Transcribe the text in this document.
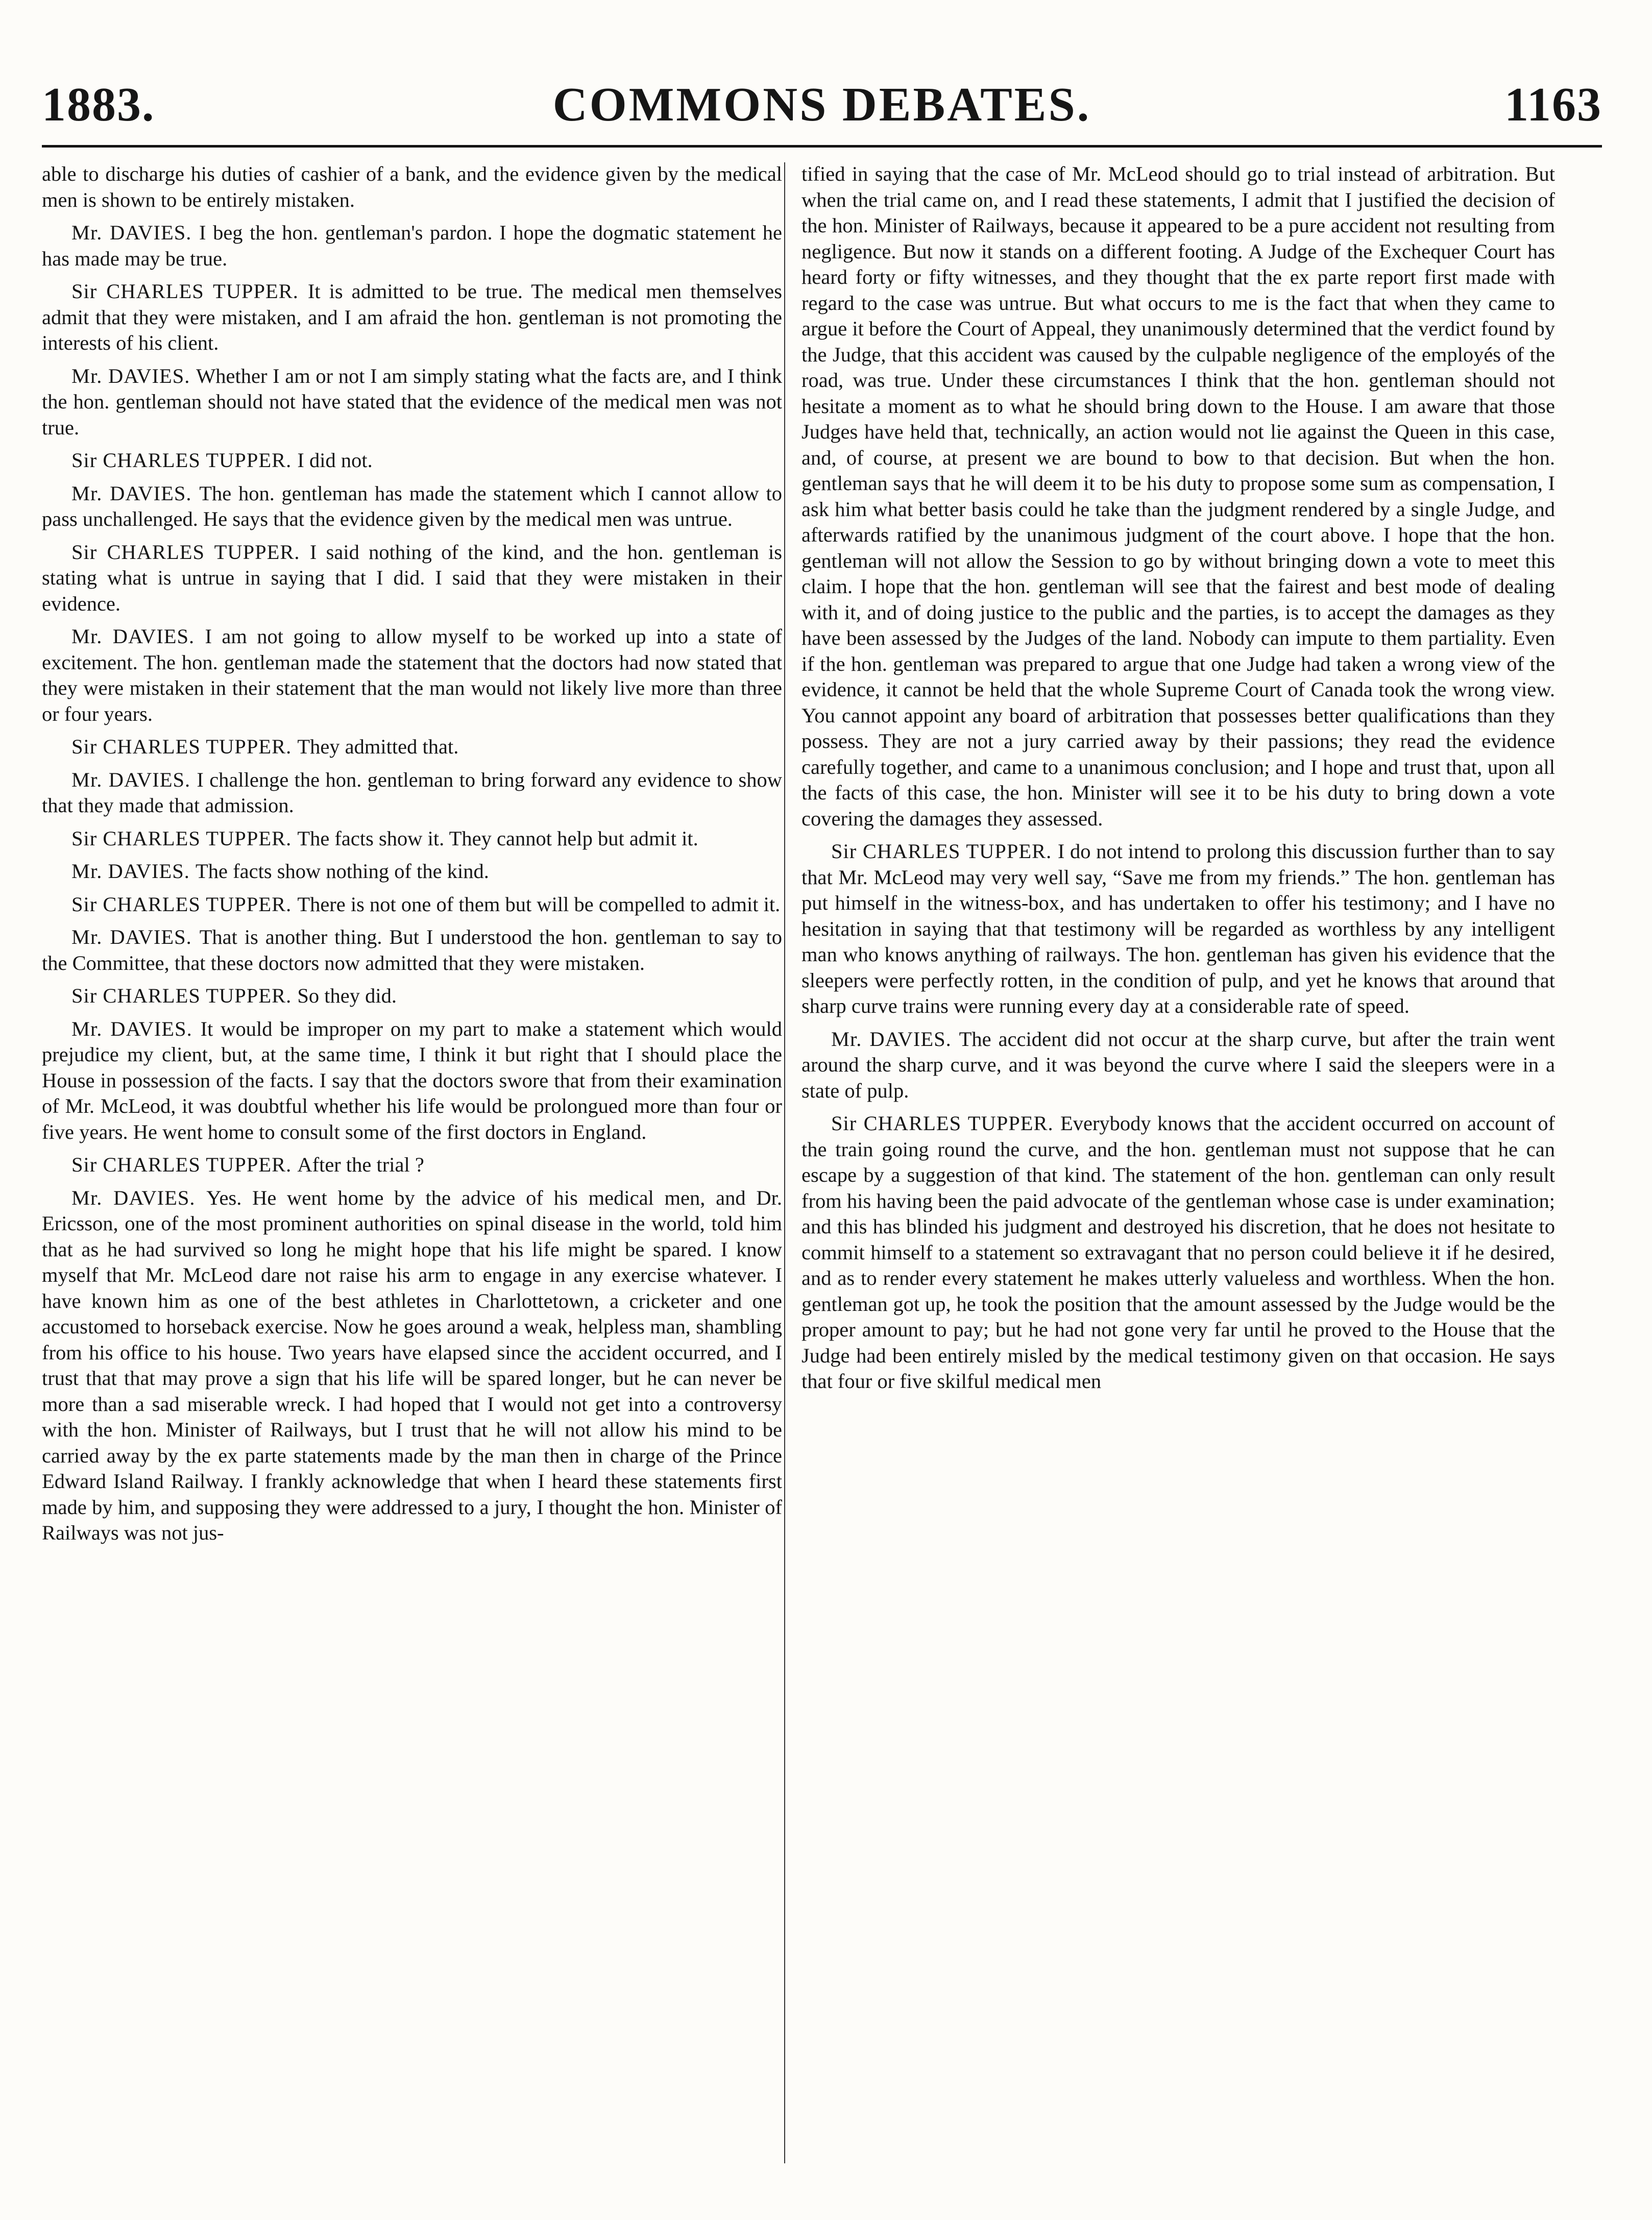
1883.	COMMONS DEBATES.	1163

able to discharge his duties of cashier of a bank, and the evidence given by the medical men is shown to be entirely mistaken.

Mr. DAVIES. I beg the hon. gentleman's pardon. I hope the dogmatic statement he has made may be true.

Sir CHARLES TUPPER. It is admitted to be true. The medical men themselves admit that they were mistaken, and I am afraid the hon. gentleman is not promoting the interests of his client.

Mr. DAVIES. Whether I am or not I am simply stating what the facts are, and I think the hon. gentleman should not have stated that the evidence of the medical men was not true.

Sir CHARLES TUPPER. I did not.

Mr. DAVIES. The hon. gentleman has made the statement which I cannot allow to pass unchallenged. He says that the evidence given by the medical men was untrue.

Sir CHARLES TUPPER. I said nothing of the kind, and the hon. gentleman is stating what is untrue in saying that I did. I said that they were mistaken in their evidence.

Mr. DAVIES. I am not going to allow myself to be worked up into a state of excitement. The hon. gentleman made the statement that the doctors had now stated that they were mistaken in their statement that the man would not likely live more than three or four years.

Sir CHARLES TUPPER. They admitted that.

Mr. DAVIES. I challenge the hon. gentleman to bring forward any evidence to show that they made that admission.

Sir CHARLES TUPPER. The facts show it. They cannot help but admit it.

Mr. DAVIES. The facts show nothing of the kind.

Sir CHARLES TUPPER. There is not one of them but will be compelled to admit it.

Mr. DAVIES. That is another thing. But I understood the hon. gentleman to say to the Committee, that these doctors now admitted that they were mistaken.

Sir CHARLES TUPPER. So they did.

Mr. DAVIES. It would be improper on my part to make a statement which would prejudice my client, but, at the same time, I think it but right that I should place the House in possession of the facts. I say that the doctors swore that from their examination of Mr. McLeod, it was doubtful whether his life would be prolongued more than four or five years. He went home to consult some of the first doctors in England.

Sir CHARLES TUPPER. After the trial ?

Mr. DAVIES. Yes. He went home by the advice of his medical men, and Dr. Ericsson, one of the most prominent authorities on spinal disease in the world, told him that as he had survived so long he might hope that his life might be spared. I know myself that Mr. McLeod dare not raise his arm to engage in any exercise whatever. I have known him as one of the best athletes in Charlottetown, a cricketer and one accustomed to horseback exercise. Now he goes around a weak, helpless man, shambling from his office to his house. Two years have elapsed since the accident occurred, and I trust that that may prove a sign that his life will be spared longer, but he can never be more than a sad miserable wreck. I had hoped that I would not get into a controversy with the hon. Minister of Railways, but I trust that he will not allow his mind to be carried away by the ex parte statements made by the man then in charge of the Prince Edward Island Railway. I frankly acknowledge that when I heard these statements first made by him, and supposing they were addressed to a jury, I thought the hon. Minister of Railways was not jus-

tified in saying that the case of Mr. McLeod should go to trial instead of arbitration. But when the trial came on, and I read these statements, I admit that I justified the decision of the hon. Minister of Railways, because it appeared to be a pure accident not resulting from negligence. But now it stands on a different footing. A Judge of the Exchequer Court has heard forty or fifty witnesses, and they thought that the ex parte report first made with regard to the case was untrue. But what occurs to me is the fact that when they came to argue it before the Court of Appeal, they unanimously determined that the verdict found by the Judge, that this accident was caused by the culpable negligence of the employés of the road, was true. Under these circumstances I think that the hon. gentleman should not hesitate a moment as to what he should bring down to the House. I am aware that those Judges have held that, technically, an action would not lie against the Queen in this case, and, of course, at present we are bound to bow to that decision. But when the hon. gentleman says that he will deem it to be his duty to propose some sum as compensation, I ask him what better basis could he take than the judgment rendered by a single Judge, and afterwards ratified by the unanimous judgment of the court above. I hope that the hon. gentleman will not allow the Session to go by without bringing down a vote to meet this claim. I hope that the hon. gentleman will see that the fairest and best mode of dealing with it, and of doing justice to the public and the parties, is to accept the damages as they have been assessed by the Judges of the land. Nobody can impute to them partiality. Even if the hon. gentleman was prepared to argue that one Judge had taken a wrong view of the evidence, it cannot be held that the whole Supreme Court of Canada took the wrong view. You cannot appoint any board of arbitration that possesses better qualifications than they possess. They are not a jury carried away by their passions; they read the evidence carefully together, and came to a unanimous conclusion; and I hope and trust that, upon all the facts of this case, the hon. Minister will see it to be his duty to bring down a vote covering the damages they assessed.

Sir CHARLES TUPPER. I do not intend to prolong this discussion further than to say that Mr. McLeod may very well say, “Save me from my friends.” The hon. gentleman has put himself in the witness-box, and has undertaken to offer his testimony; and I have no hesitation in saying that that testimony will be regarded as worthless by any intelligent man who knows anything of railways. The hon. gentleman has given his evidence that the sleepers were perfectly rotten, in the condition of pulp, and yet he knows that around that sharp curve trains were running every day at a considerable rate of speed.

Mr. DAVIES. The accident did not occur at the sharp curve, but after the train went around the sharp curve, and it was beyond the curve where I said the sleepers were in a state of pulp.

Sir CHARLES TUPPER. Everybody knows that the accident occurred on account of the train going round the curve, and the hon. gentleman must not suppose that he can escape by a suggestion of that kind. The statement of the hon. gentleman can only result from his having been the paid advocate of the gentleman whose case is under examination; and this has blinded his judgment and destroyed his discretion, that he does not hesitate to commit himself to a statement so extravagant that no person could believe it if he desired, and as to render every statement he makes utterly valueless and worthless. When the hon. gentleman got up, he took the position that the amount assessed by the Judge would be the proper amount to pay; but he had not gone very far until he proved to the House that the Judge had been entirely misled by the medical testimony given on that occasion. He says that four or five skilful medical men
